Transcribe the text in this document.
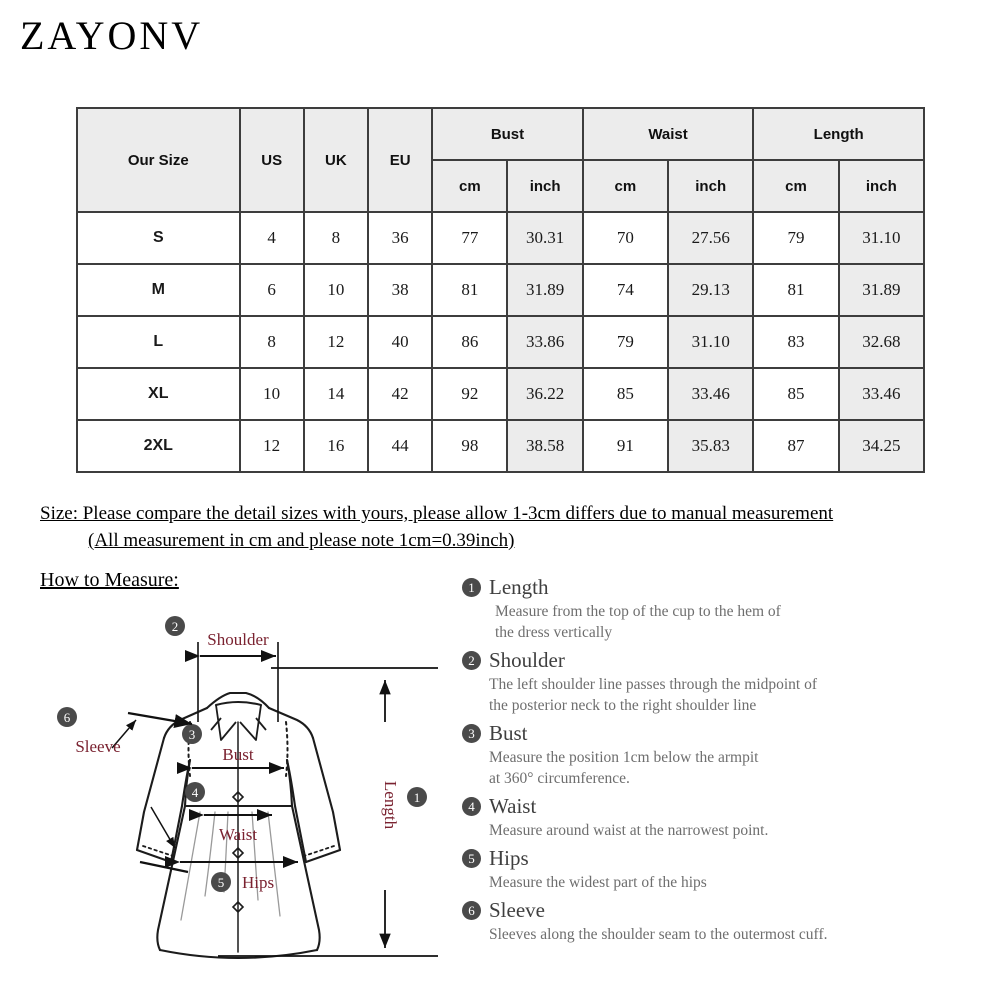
ZAYONV
Our Size	US	UK	EU	Bust		Waist		Length	
				cm	inch	cm	inch	cm	inch
S	4	8	36	77	30.31	70	27.56	79	31.10
M	6	10	38	81	31.89	74	29.13	81	31.89
L	8	12	40	86	33.86	79	31.10	83	32.68
XL	10	14	42	92	36.22	85	33.46	85	33.46
2XL	12	16	44	98	38.58	91	35.83	87	34.25
Size: Please compare the detail sizes with yours, please allow 1-3cm differs due to manual measurement
(All measurement in cm and please note 1cm=0.39inch)
How to Measure:
Shoulder
2
Bust
3
Waist
4
Hips
5
Sleeve
6
Length 1
1 Length
Measure from the top of the cup to the hem of
the dress vertically
2 Shoulder
The left shoulder line passes through the midpoint of
the posterior neck to the right shoulder line
3 Bust
Measure the position 1cm below the armpit
at 360° circumference.
4 Waist
Measure around waist at the narrowest point.
5 Hips
Measure the widest part of the hips
6 Sleeve
Sleeves along the shoulder seam to the outermost cuff.
